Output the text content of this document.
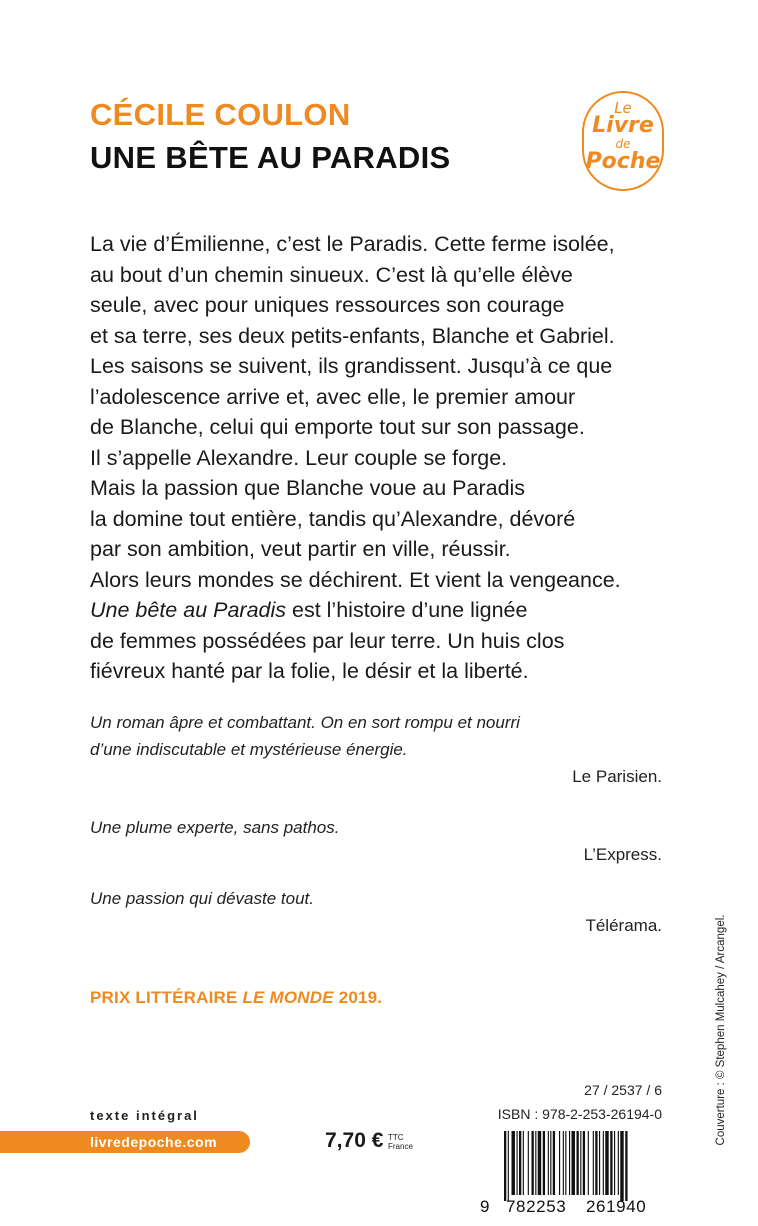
CÉCILE COULON
UNE BÊTE AU PARADIS
Le
Livre
de
Poche

La vie d’Émilienne, c’est le Paradis. Cette ferme isolée,
au bout d’un chemin sinueux. C’est là qu’elle élève
seule, avec pour uniques ressources son courage
et sa terre, ses deux petits-enfants, Blanche et Gabriel.
Les saisons se suivent, ils grandissent. Jusqu’à ce que
l’adolescence arrive et, avec elle, le premier amour
de Blanche, celui qui emporte tout sur son passage.
Il s’appelle Alexandre. Leur couple se forge.
Mais la passion que Blanche voue au Paradis
la domine tout entière, tandis qu’Alexandre, dévoré
par son ambition, veut partir en ville, réussir.
Alors leurs mondes se déchirent. Et vient la vengeance.
Une bête au Paradis est l’histoire d’une lignée
de femmes possédées par leur terre. Un huis clos
fiévreux hanté par la folie, le désir et la liberté.

Un roman âpre et combattant. On en sort rompu et nourri
d’une indiscutable et mystérieuse énergie.
Le Parisien.
Une plume experte, sans pathos.
L’Express.
Une passion qui dévaste tout.
Télérama.
PRIX LITTÉRAIRE LE MONDE 2019.	Couverture : © Stephen Mulcahey / Arcangel.
texte intégral
livredepoche.com	7,70 € TTC
France
27 / 2537 / 6
ISBN : 978-2-253-26194-0
9 782253 261940
